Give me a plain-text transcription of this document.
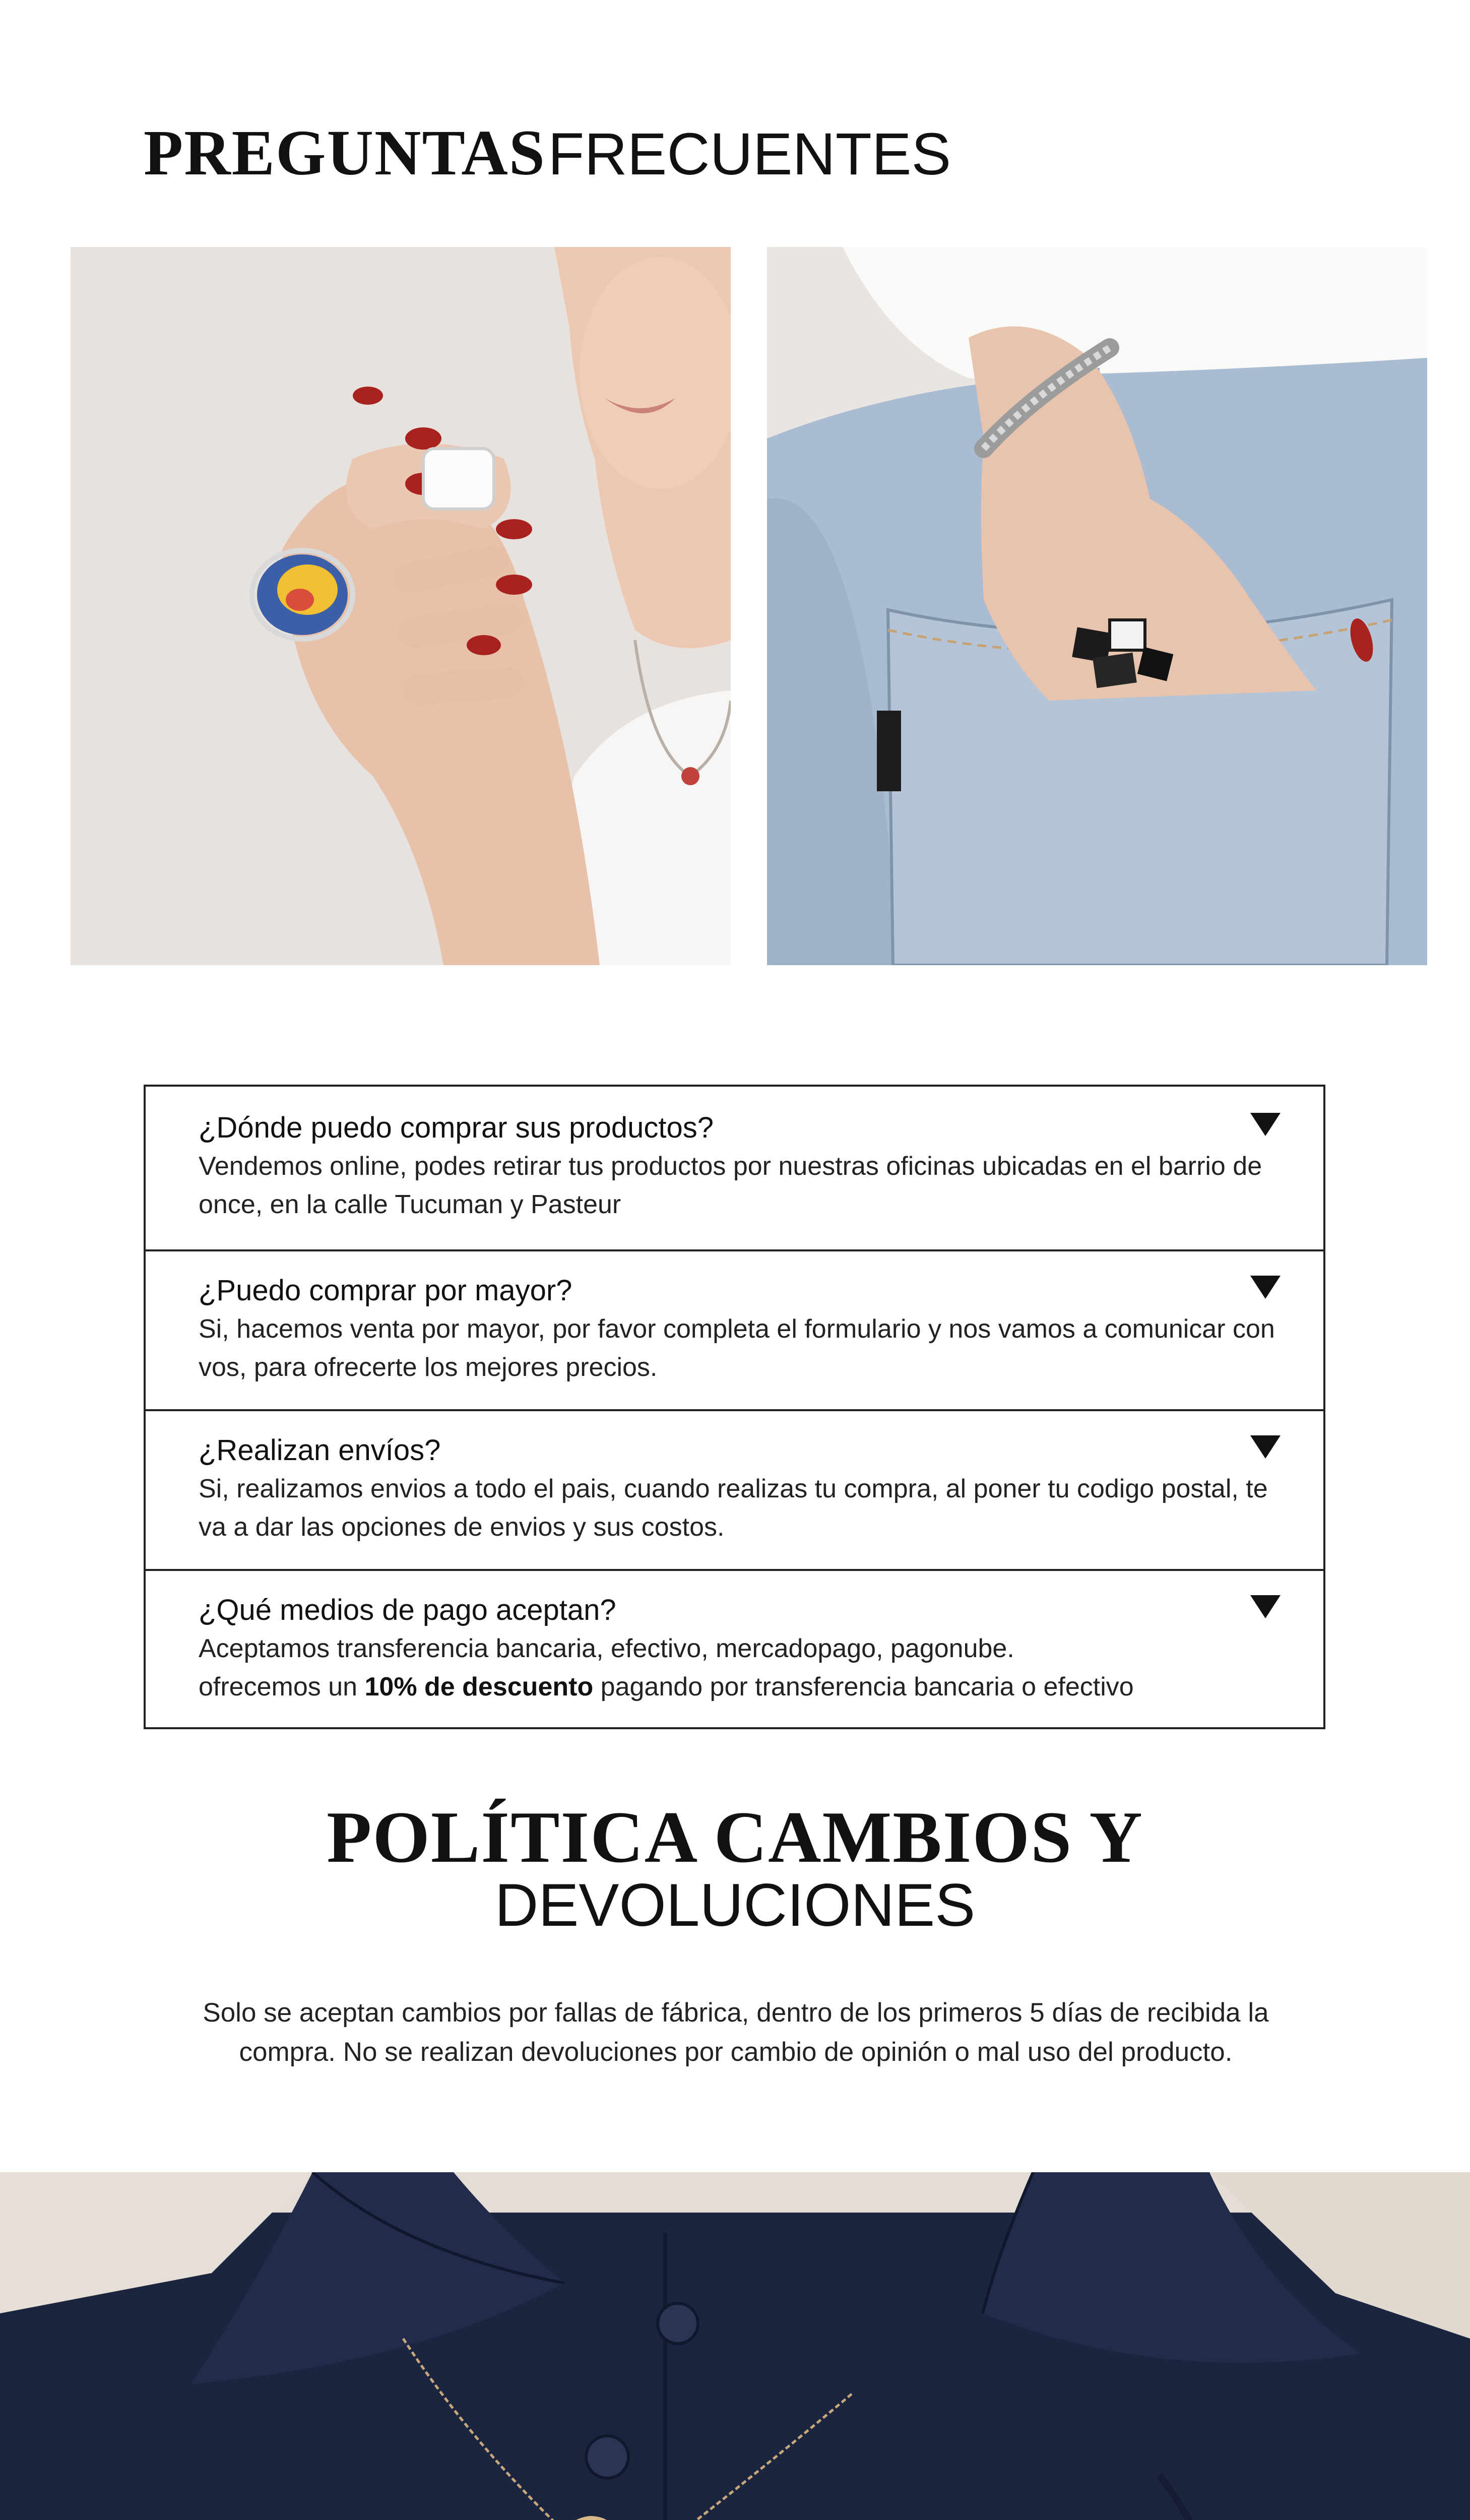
PREGUNTAS FRECUENTES
¿Dónde puedo comprar sus productos?
Vendemos online, podes retirar tus productos por nuestras oficinas ubicadas en el barrio de once, en la calle Tucuman y Pasteur
¿Puedo comprar por mayor?
Si, hacemos venta por mayor, por favor completa el formulario y nos vamos a comunicar con vos, para ofrecerte los mejores precios.
¿Realizan envíos?
Si, realizamos envios a todo el pais, cuando realizas tu compra, al poner tu codigo postal, te va a dar las opciones de envios y sus costos.
¿Qué medios de pago aceptan?
Aceptamos transferencia bancaria, efectivo, mercadopago, pagonube.
ofrecemos un 10% de descuento pagando por transferencia bancaria o efectivo
POLÍTICA CAMBIOS Y
DEVOLUCIONES
Solo se aceptan cambios por fallas de fábrica, dentro de los primeros 5 días de recibida la compra. No se realizan devoluciones por cambio de opinión o mal uso del producto.
